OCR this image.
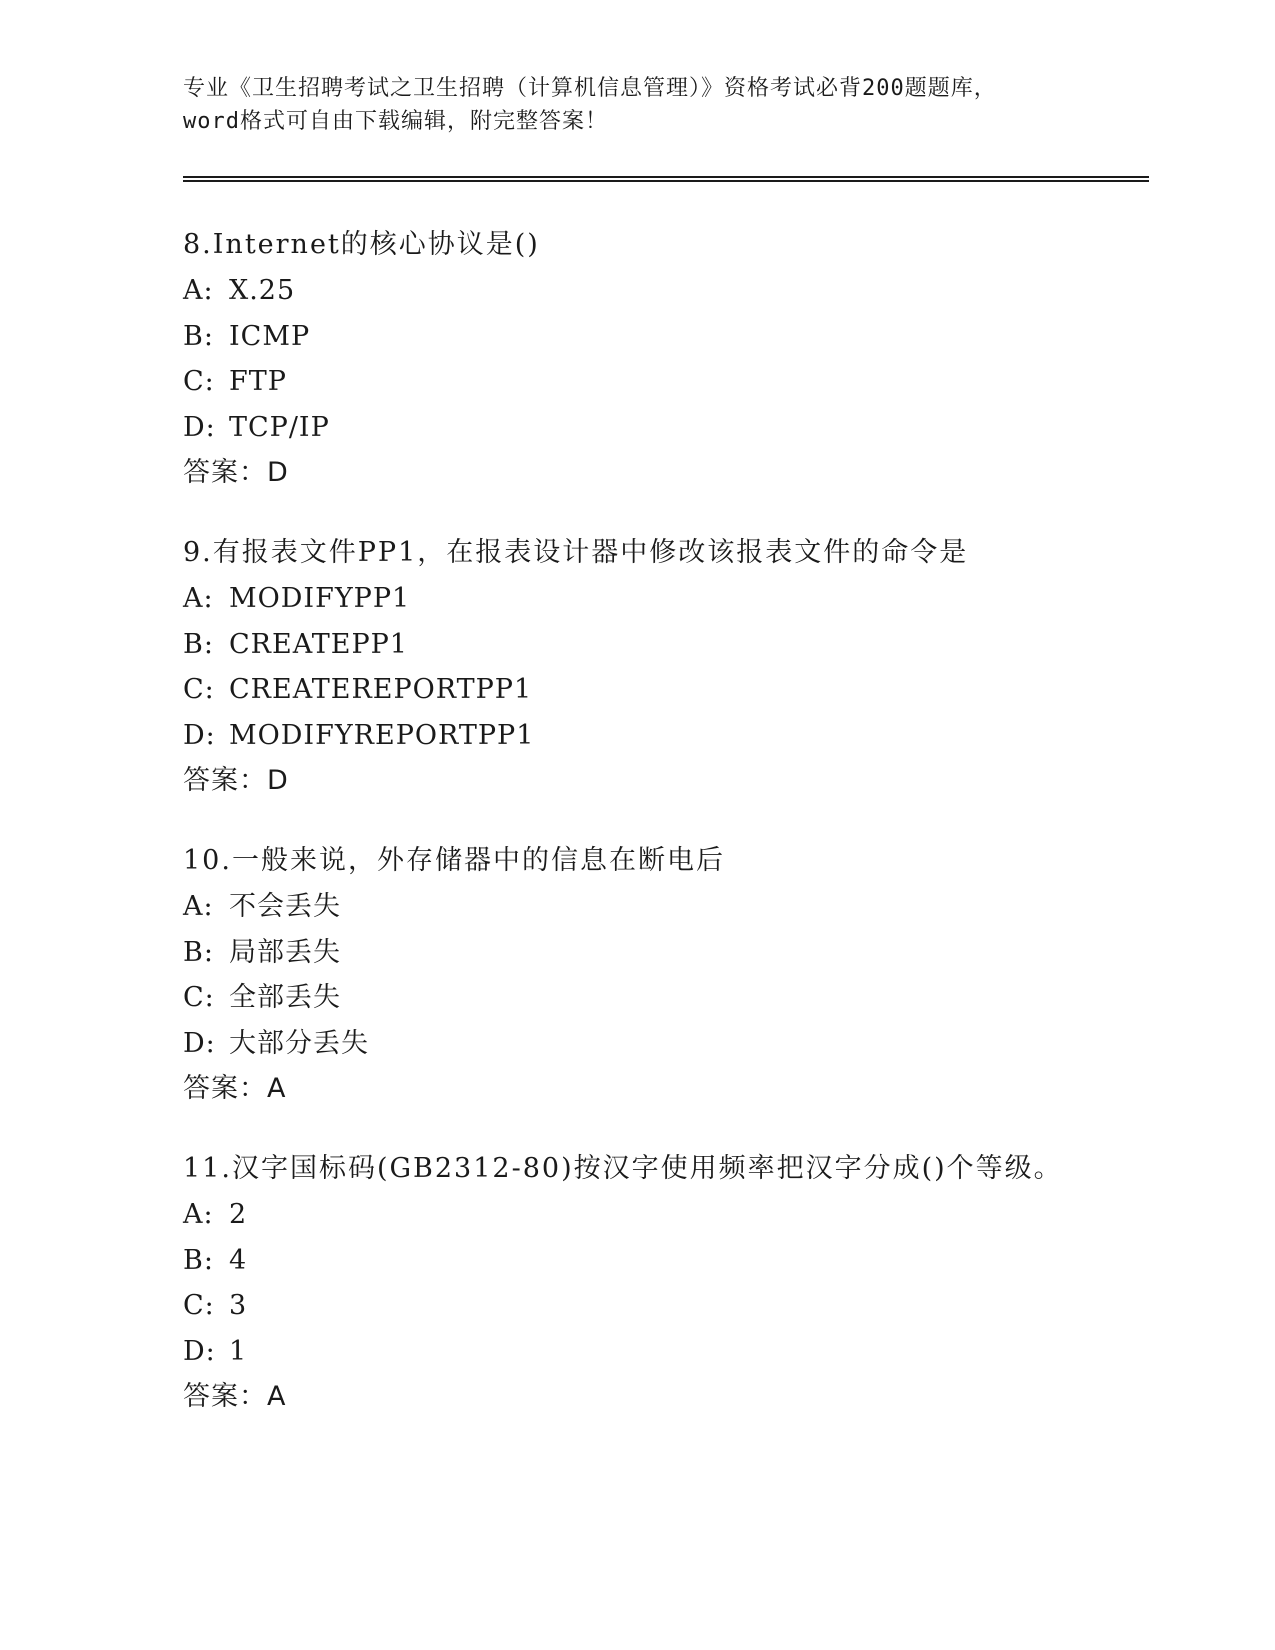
专业《卫生招聘考试之卫生招聘（计算机信息管理）》资格考试必背200题题库，
word格式可自由下载编辑，附完整答案！
8.Internet的核心协议是()
A: X.25
B: ICMP
C: FTP
D: TCP/IP
答案：D
9.有报表文件PP1，在报表设计器中修改该报表文件的命令是
A: MODIFYPP1
B: CREATEPP1
C: CREATEREPORTPP1
D: MODIFYREPORTPP1
答案：D
10.一般来说，外存储器中的信息在断电后
A: 不会丢失
B: 局部丢失
C: 全部丢失
D: 大部分丢失
答案：A
11.汉字国标码(GB2312-80)按汉字使用频率把汉字分成()个等级。
A: 2
B: 4
C: 3
D: 1
答案：A
